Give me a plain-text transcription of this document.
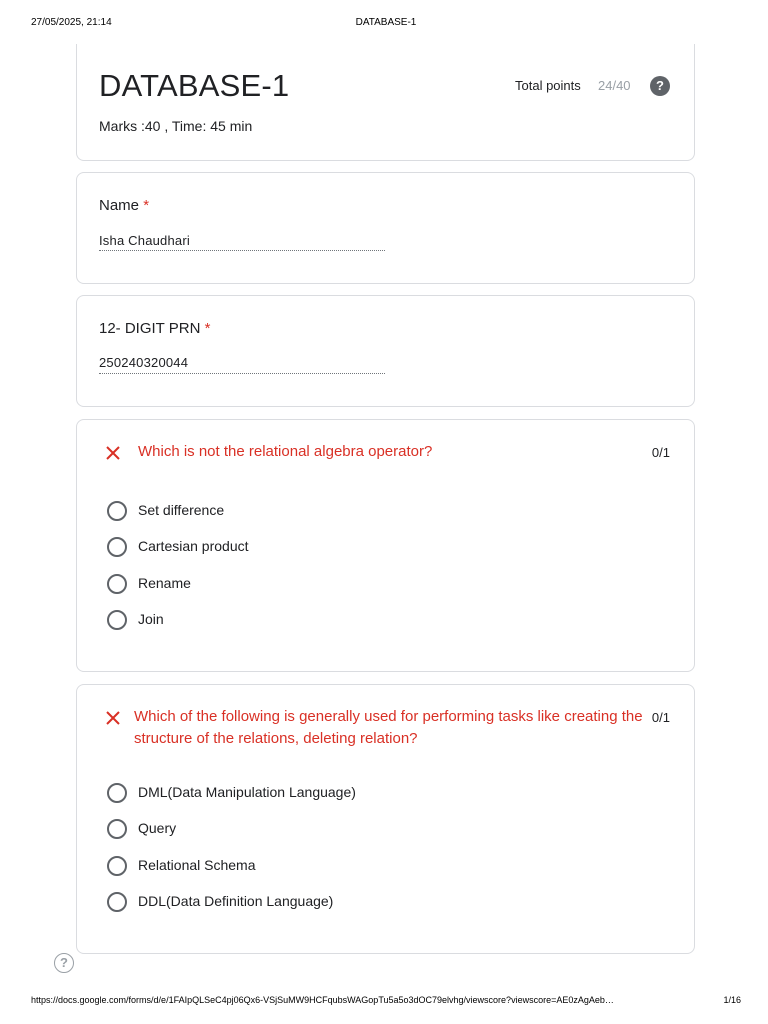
27/05/2025, 21:14	DATABASE-1
DATABASE-1
Marks :40 , Time: 45 min
Total points 24/40	?
Name *
Isha Chaudhari
12- DIGIT PRN *
250240320044
Which is not the relational algebra operator?	0/1
Set difference
Cartesian product
Rename
Join
Which of the following is generally used for performing tasks like creating the structure of the relations, deleting relation?
0/1
DML(Data Manipulation Language)
Query
Relational Schema
DDL(Data Definition Language)
?
https://docs.google.com/forms/d/e/1FAIpQLSeC4pj06Qx6-VSjSuMW9HCFqubsWAGopTu5a5o3dOC79elvhg/viewscore?viewscore=AE0zAgAeb…	1/16
